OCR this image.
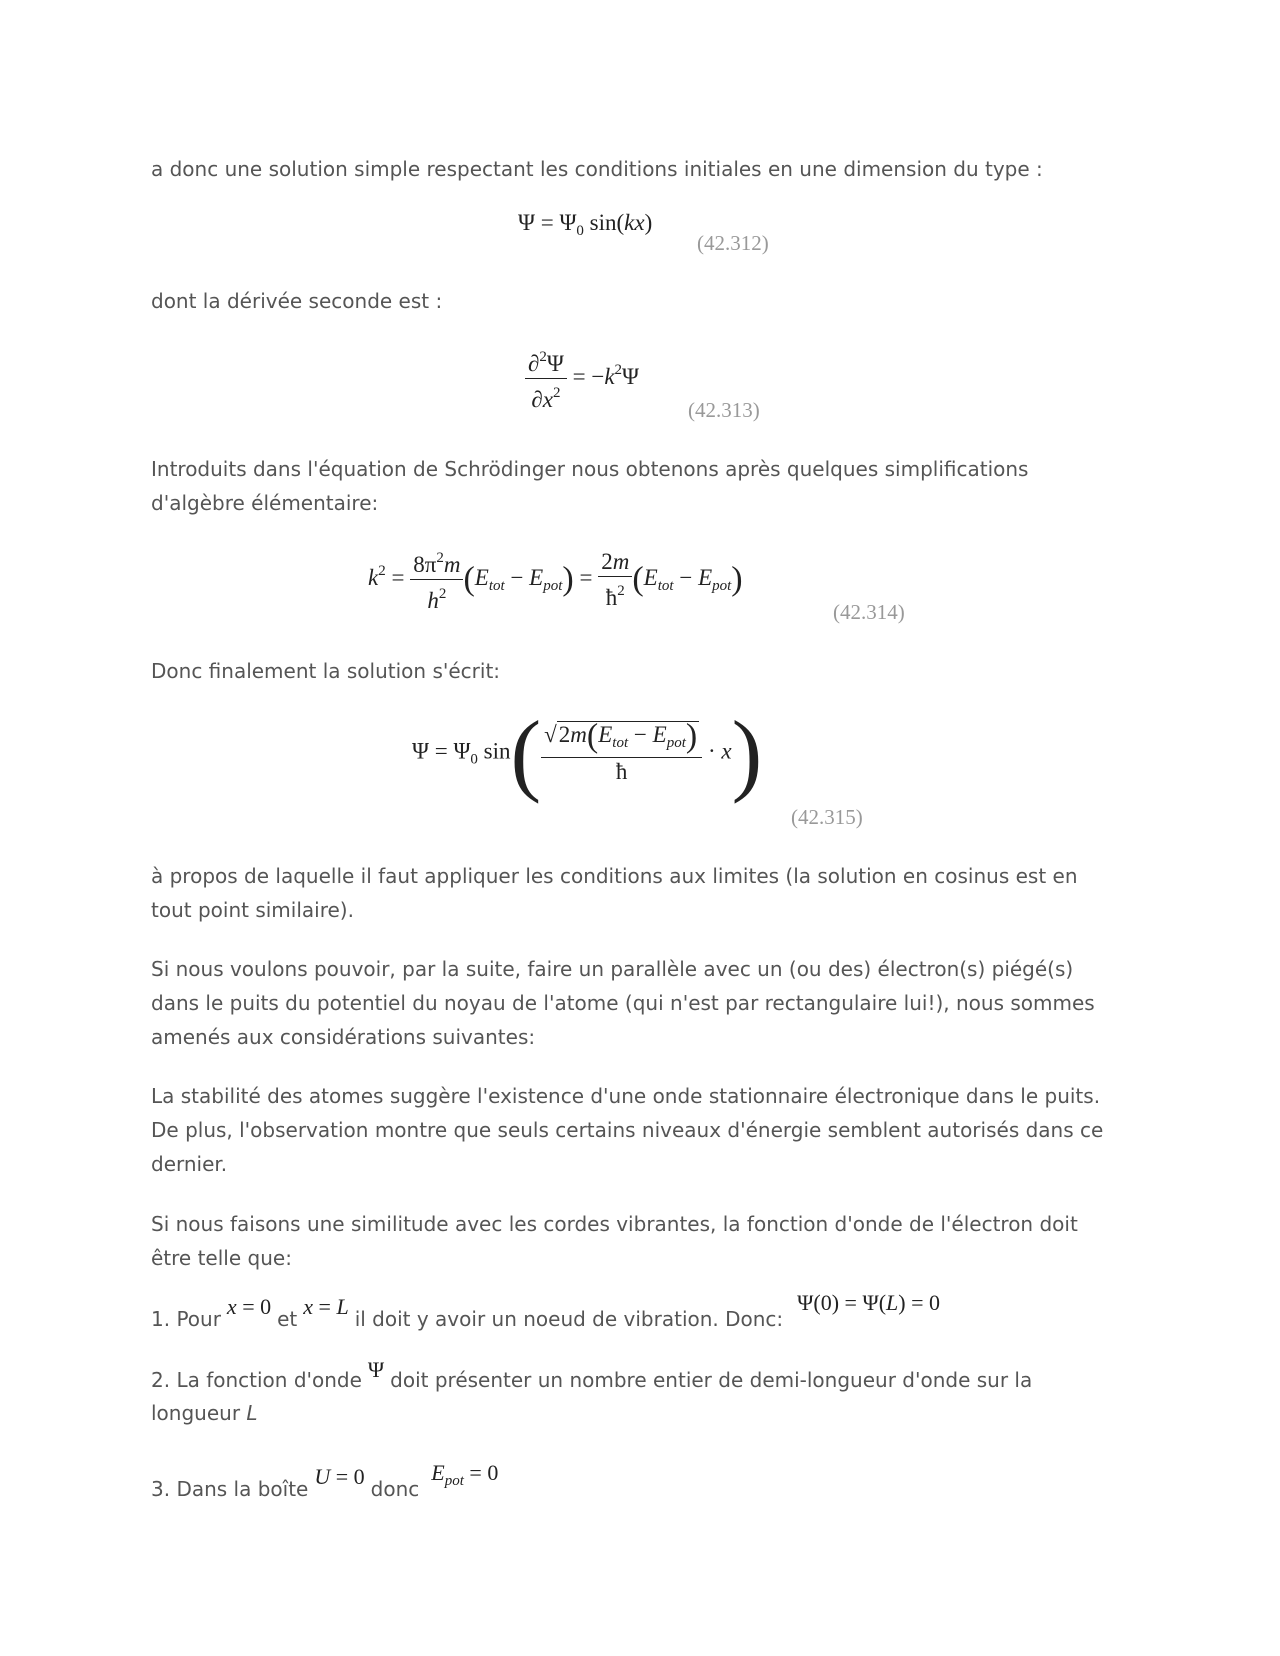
a donc une solution simple respectant les conditions initiales en une dimension du type :

$\Psi = \Psi_0$ sin(kx)
(42.312)

dont la dérivée seconde est :

$\frac{\partial^2\Psi}{\partial x^2} = -k^2\Psi$
(42.313)

Introduits dans l'équation de Schrödinger nous obtenons après quelques simplifications d'algèbre élémentaire:

$k^2 = \frac{8\pi^2m}{h^2} (E_{tot} - E_{pot}) = \frac{2m}{ħ^2} (E_{tot} - E_{pot})$
(42.314)

Donc finalement la solution s'écrit:

$\Psi = \Psi_0$ $\sin( \frac{√2m(E_{tot} - E_{pot})}{ħ} \cdot x)$
(42.315)

à propos de laquelle il faut appliquer les conditions aux limites (la solution en cosinus est en tout point similaire).

Si nous voulons pouvoir, par la suite, faire un parallèle avec un (ou des) électron(s) piégé(s) dans le puits du potentiel du noyau de l'atome (qui n'est par rectangulaire lui!), nous sommes amenés aux considérations suivantes:

La stabilité des atomes suggère l'existence d'une onde stationnaire électronique dans le puits. De plus, l'observation montre que seuls certains niveaux d'énergie semblent autorisés dans ce dernier.

Si nous faisons une similitude avec les cordes vibrantes, la fonction d'onde de l'électron doit être telle que:

1. Pour x = 0 et x = L il doit y avoir un noeud de vibration. Donc:Ψ(0) = Ψ(L) = 0
2. La fonction d'onde Ψ doit présenter un nombre entier de demi-longueur d'onde sur la
longueur L
3. Dans la boîte U = 0 doncE$_{pot}$ = 0
